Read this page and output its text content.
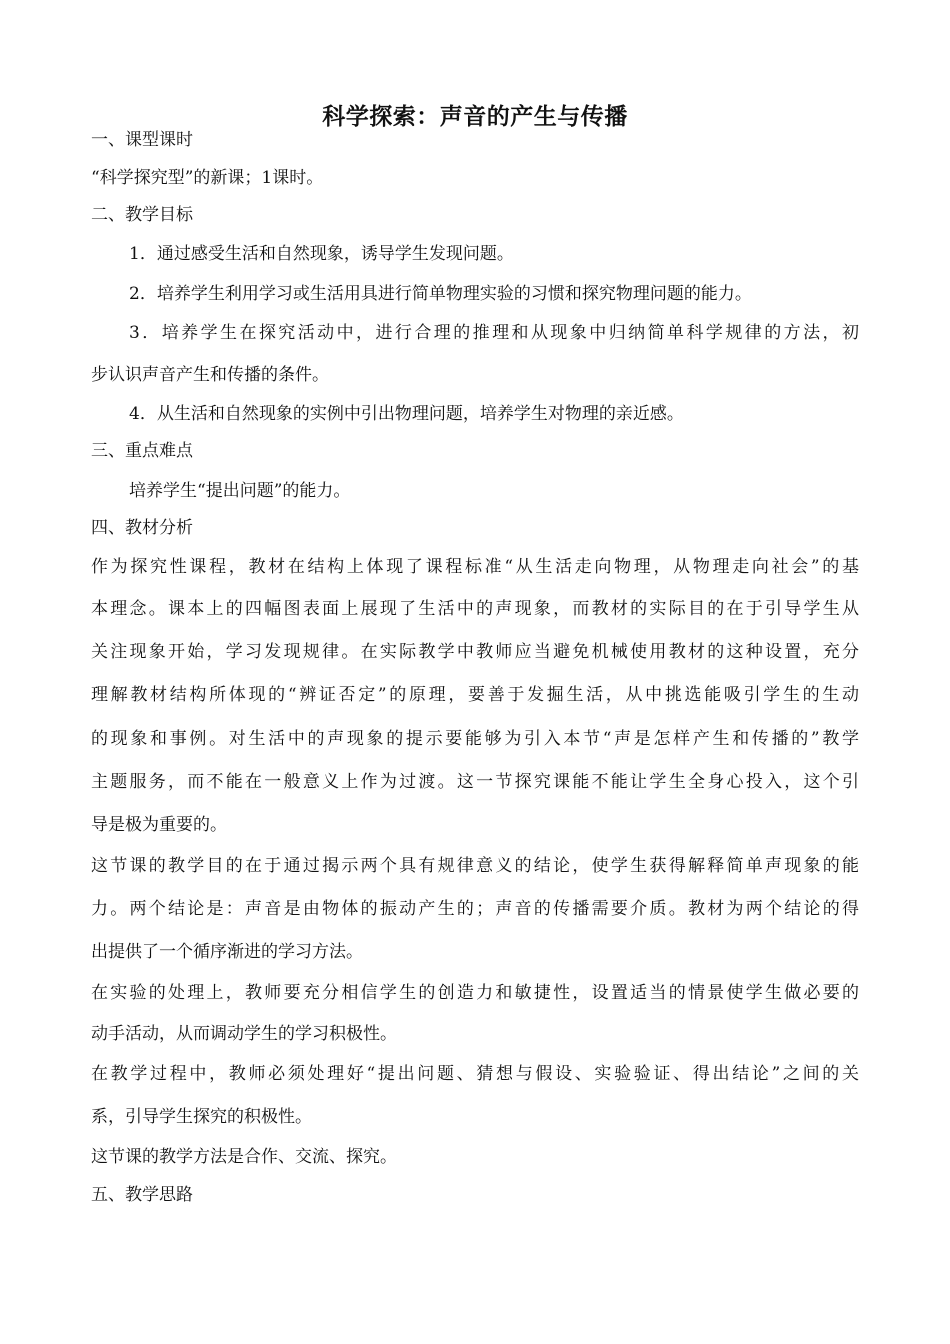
科学探索：声音的产生与传播
一、课型课时
“科学探究型”的新课；1课时。
二、教学目标
1．通过感受生活和自然现象，诱导学生发现问题。
2．培养学生利用学习或生活用具进行简单物理实验的习惯和探究物理问题的能力。
3．培养学生在探究活动中，进行合理的推理和从现象中归纳简单科学规律的方法，初
步认识声音产生和传播的条件。
4．从生活和自然现象的实例中引出物理问题，培养学生对物理的亲近感。
三、重点难点
培养学生“提出问题”的能力。
四、教材分析
作为探究性课程，教材在结构上体现了课程标准“从生活走向物理，从物理走向社会”的基
本理念。课本上的四幅图表面上展现了生活中的声现象，而教材的实际目的在于引导学生从
关注现象开始，学习发现规律。在实际教学中教师应当避免机械使用教材的这种设置，充分
理解教材结构所体现的“辨证否定”的原理，要善于发掘生活，从中挑选能吸引学生的生动
的现象和事例。对生活中的声现象的提示要能够为引入本节“声是怎样产生和传播的”教学
主题服务，而不能在一般意义上作为过渡。这一节探究课能不能让学生全身心投入，这个引
导是极为重要的。
这节课的教学目的在于通过揭示两个具有规律意义的结论，使学生获得解释简单声现象的能
力。两个结论是：声音是由物体的振动产生的；声音的传播需要介质。教材为两个结论的得
出提供了一个循序渐进的学习方法。
在实验的处理上，教师要充分相信学生的创造力和敏捷性，设置适当的情景使学生做必要的
动手活动，从而调动学生的学习积极性。
在教学过程中，教师必须处理好“提出问题、猜想与假设、实验验证、得出结论”之间的关
系，引导学生探究的积极性。
这节课的教学方法是合作、交流、探究。
五、教学思路
